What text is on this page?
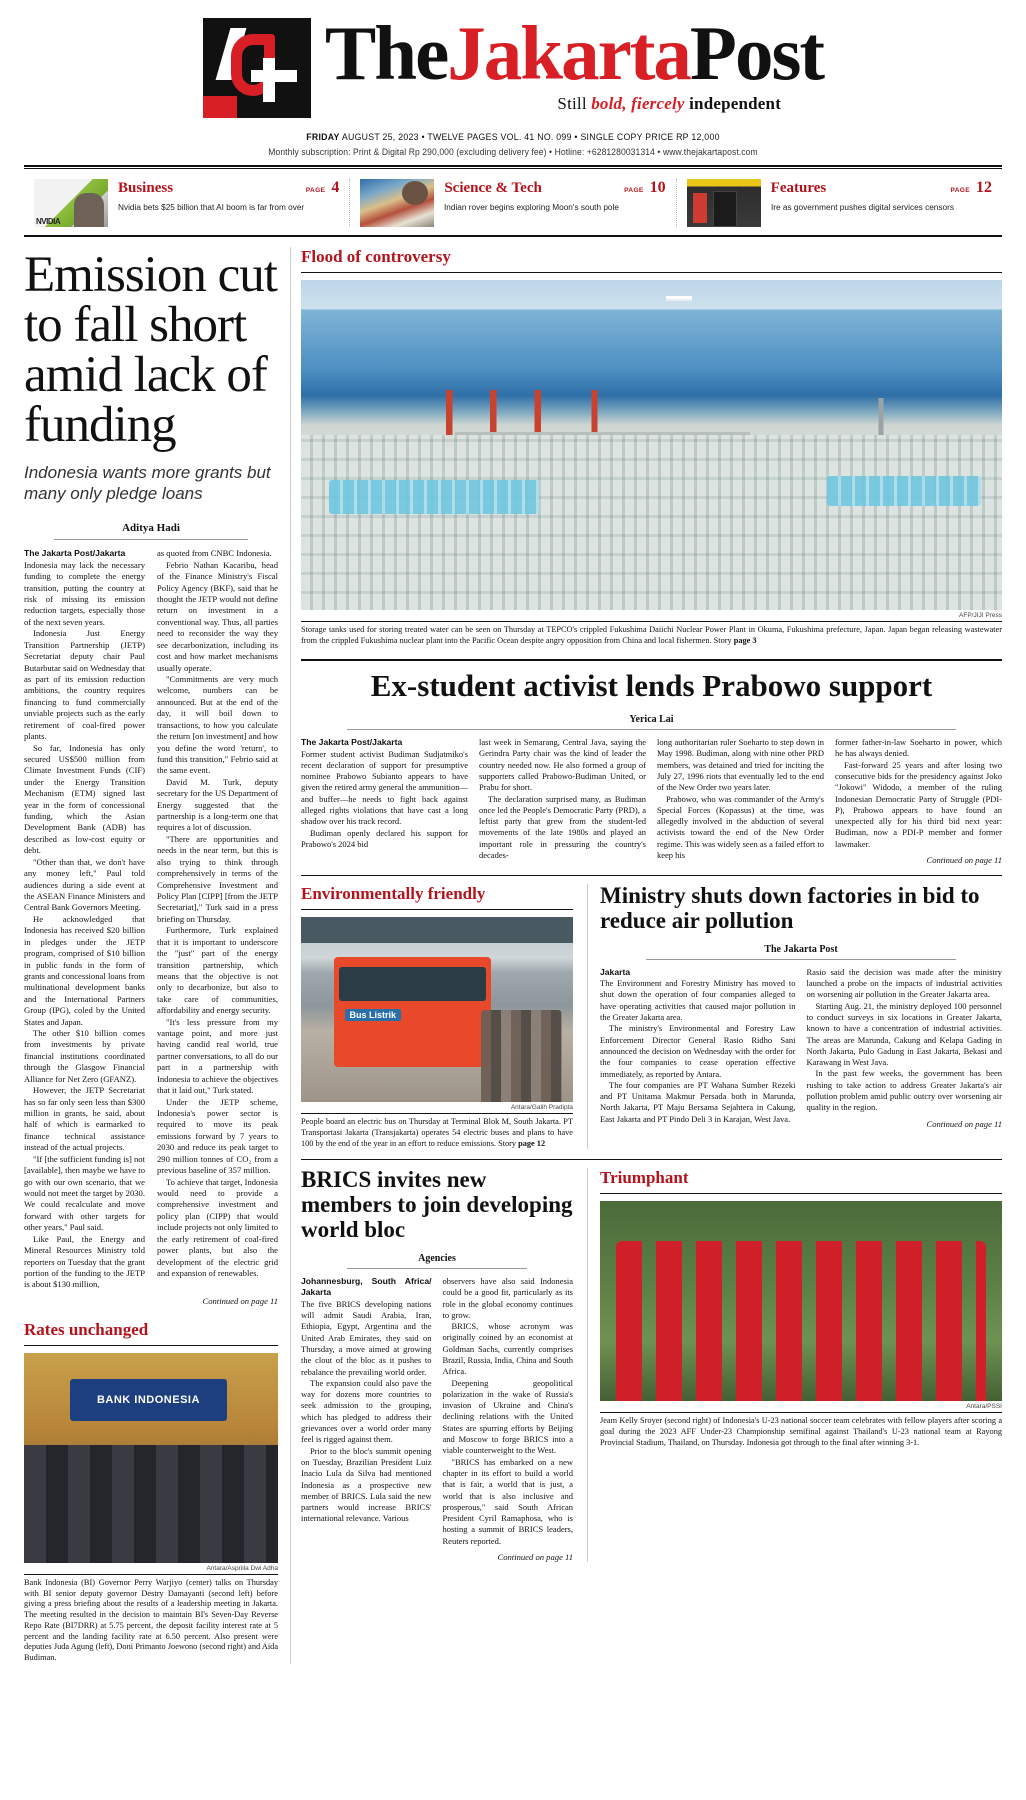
TheJakartaPost
Still bold, fiercely independent
FRIDAY AUGUST 25, 2023 • TWELVE PAGES VOL. 41 NO. 099 • SINGLE COPY PRICE RP 12,000
Monthly subscription: Print & Digital Rp 290,000 (excluding delivery fee) • Hotline: +6281280031314 • www.thejakartapost.com
NVIDIA
Business	PAGE 4
Nvidia bets $25 billion that AI boom is far from over
Science & Tech	PAGE 10
Indian rover begins exploring Moon's south pole
Features	PAGE 12
Ire as government pushes digital services censors
Emission cut to fall short amid lack of funding
Indonesia wants more grants but many only pledge loans
Aditya Hadi

The Jakarta Post/Jakarta

Indonesia may lack the necessary funding to complete the energy transition, putting the country at risk of missing its emission reduction targets, especially those of the next seven years.

Indonesia Just Energy Transition Partnership (JETP) Secretariat deputy chair Paul Butarbutar said on Wednesday that as part of its emission reduction ambitions, the country requires financing to fund commercially unviable projects such as the early retirement of coal-fired power plants.

So far, Indonesia has only secured US$500 million from Climate Investment Funds (CIF) under the Energy Transition Mechanism (ETM) signed last year in the form of concessional funding, which the Asian Development Bank (ADB) has described as low-cost equity or debt.

"Other than that, we don't have any money left," Paul told audiences during a side event at the ASEAN Finance Ministers and Central Bank Governors Meeting.

He acknowledged that Indonesia has received $20 billion in pledges under the JETP program, comprised of $10 billion in public funds in the form of grants and concessional loans from multinational development banks and the International Partners Group (IPG), coled by the United States and Japan.

The other $10 billion comes from investments by private financial institutions coordinated through the Glasgow Financial Alliance for Net Zero (GFANZ).

However, the JETP Secretariat has so far only seen less than $300 million in grants, he said, about half of which is earmarked to finance technical assistance instead of the actual projects.

"If [the sufficient funding is] not [available], then maybe we have to go with our own scenario, that we would not meet the target by 2030. We could recalculate and move forward with other targets for other years," Paul said.

Like Paul, the Energy and Mineral Resources Ministry told reporters on Tuesday that the grant portion of the funding to the JETP is about $130 million,

as quoted from CNBC Indonesia.

Febrio Nathan Kacaribu, head of the Finance Ministry's Fiscal Policy Agency (BKF), said that he thought the JETP would not define return on investment in a conventional way. Thus, all parties need to reconsider the way they see decarbonization, including its cost and how market mechanisms usually operate.

"Commitments are very much welcome, numbers can be announced. But at the end of the day, it will boil down to transactions, to how you calculate the return [on investment] and how you define the word 'return', to fund this transition," Febrio said at the same event.

David M. Turk, deputy secretary for the US Department of Energy suggested that the partnership is a long-term one that requires a lot of discussion.

"There are opportunities and needs in the near term, but this is also trying to think through comprehensively in terms of the Comprehensive Investment and Policy Plan [CIPP] [from the JETP Secretariat]," Turk said in a press briefing on Thursday.

Furthermore, Turk explained that it is important to underscore the "just" part of the energy transition partnership, which means that the objective is not only to decarbonize, but also to take care of communities, affordability and energy security.

"It's less pressure from my vantage point, and more just having candid real world, true partner conversations, to all do our part in a partnership with Indonesia to achieve the objectives that it laid out," Turk stated.

Under the JETP scheme, Indonesia's power sector is required to move its peak emissions forward by 7 years to 2030 and reduce its peak target to 290 million tonnes of CO₂ from a previous baseline of 357 million.

To achieve that target, Indonesia would need to provide a comprehensive investment and policy plan (CIPP) that would include projects not only limited to the early retirement of coal-fired power plants, but also the development of the electric grid and expansion of renewables.

Continued on page 11
Rates unchanged
BANK INDONESIA
Antara/Aspriila Dwi Adha
Bank Indonesia (BI) Governor Perry Warjiyo (center) talks on Thursday with BI senior deputy governor Destry Damayanti (second left) before giving a press briefing about the results of a leadership meeting in Jakarta. The meeting resulted in the decision to maintain BI's Seven-Day Reverse Repo Rate (BI7DRR) at 5.75 percent, the deposit facility interest rate at 5 percent and the landing facility rate at 6.50 percent. Also present were deputies Juda Agung (left), Doni Primanto Joewono (second right) and Aida Budiman.
Flood of controversy
AFP/JIJI Press
Storage tanks used for storing treated water can be seen on Thursday at TEPCO's crippled Fukushima Daiichi Nuclear Power Plant in Okuma, Fukushima prefecture, Japan. Japan began releasing wastewater from the crippled Fukushima nuclear plant into the Pacific Ocean despite angry opposition from China and local fishermen. Story page 3
Ex-student activist lends Prabowo support
Yerica Lai

The Jakarta Post/Jakarta

Former student activist Budiman Sudjatmiko's recent declaration of support for presumptive nominee Prabowo Subianto appears to have given the retired army general the ammunition—and buffer—he needs to fight back against alleged rights violations that have cast a long shadow over his track record.

Budiman openly declared his support for Prabowo's 2024 bid

last week in Semarang, Central Java, saying the Gerindra Party chair was the kind of leader the country needed now. He also formed a group of supporters called Prabowo-Budiman United, or Prabu for short.

The declaration surprised many, as Budiman once led the People's Democratic Party (PRD), a leftist party that grew from the student-led movements of the late 1980s and played an important role in pressuring the country's decades-

long authoritarian ruler Soeharto to step down in May 1998. Budiman, along with nine other PRD members, was detained and tried for inciting the July 27, 1996 riots that eventually led to the end of the New Order two years later.

Prabowo, who was commander of the Army's Special Forces (Kopassus) at the time, was allegedly involved in the abduction of several activists toward the end of the New Order regime. This was widely seen as a failed effort to keep his

former father-in-law Soeharto in power, which he has always denied.

Fast-forward 25 years and after losing two consecutive bids for the presidency against Joko "Jokowi" Widodo, a member of the ruling Indonesian Democratic Party of Struggle (PDI-P), Prabowo appears to have found an unexpected ally for his third bid next year: Budiman, now a PDI-P member and former lawmaker.

Continued on page 11
Environmentally friendly
Bus Listrik
Antara/Galih Pradipta
People board an electric bus on Thursday at Terminal Blok M, South Jakarta. PT Transportasi Jakarta (Transjakarta) operates 54 electric buses and plans to have 100 by the end of the year in an effort to reduce emissions. Story page 12
Ministry shuts down factories in bid to reduce air pollution
The Jakarta Post

Jakarta

The Environment and Forestry Ministry has moved to shut down the operation of four companies alleged to have operating activities that caused major pollution in the Greater Jakarta area.

The ministry's Environmental and Forestry Law Enforcement Director General Rasio Ridho Sani announced the decision on Wednesday with the order for the four companies to cease operation effective immediately, as reported by Antara.

The four companies are PT Wahana Sumber Rezeki and PT Unitama Makmur Persada both in Marunda, North Jakarta, PT Maju Bersama Sejahtera in Cakung, East Jakarta and PT Pindo Deli 3 in Karajan, West Java.

Rasio said the decision was made after the ministry launched a probe on the impacts of industrial activities on worsening air pollution in the Greater Jakarta area.

Starting Aug. 21, the ministry deployed 100 personnel to conduct surveys in six locations in Greater Jakarta, known to have a concentration of industrial activities. The areas are Marunda, Cakung and Kelapa Gading in North Jakarta, Pulo Gadung in East Jakarta, Bekasi and Karawang in West Java.

In the past few weeks, the government has been rushing to take action to address Greater Jakarta's air pollution problem amid public outcry over worsening air quality in the region.

Continued on page 11
BRICS invites new members to join developing world bloc
Agencies

Johannesburg, South Africa/ Jakarta

The five BRICS developing nations will admit Saudi Arabia, Iran, Ethiopia, Egypt, Argentina and the United Arab Emirates, they said on Thursday, a move aimed at growing the clout of the bloc as it pushes to rebalance the prevailing world order.

The expansion could also pave the way for dozens more countries to seek admission to the grouping, which has pledged to address their grievances over a world order many feel is rigged against them.

Prior to the bloc's summit opening on Tuesday, Brazilian President Luiz Inacio Lula da Silva had mentioned Indonesia as a prospective new member of BRICS. Lula said the new partners would increase BRICS' international relevance. Various

observers have also said Indonesia could be a good fit, particularly as its role in the global economy continues to grow.

BRICS, whose acronym was originally coined by an economist at Goldman Sachs, currently comprises Brazil, Russia, India, China and South Africa.

Deepening geopolitical polarization in the wake of Russia's invasion of Ukraine and China's declining relations with the United States are spurring efforts by Beijing and Moscow to forge BRICS into a viable counterweight to the West.

"BRICS has embarked on a new chapter in its effort to build a world that is fair, a world that is just, a world that is also inclusive and prosperous," said South African President Cyril Ramaphosa, who is hosting a summit of BRICS leaders, Reuters reported.

Continued on page 11
Triumphant
Antara/PSSI
Jeam Kelly Sroyer (second right) of Indonesia's U-23 national soccer team celebrates with fellow players after scoring a goal during the 2023 AFF Under-23 Championship semifinal against Thailand's U-23 national team at Rayong Provincial Stadium, Thailand, on Thursday. Indonesia got through to the final after winning 3-1.
